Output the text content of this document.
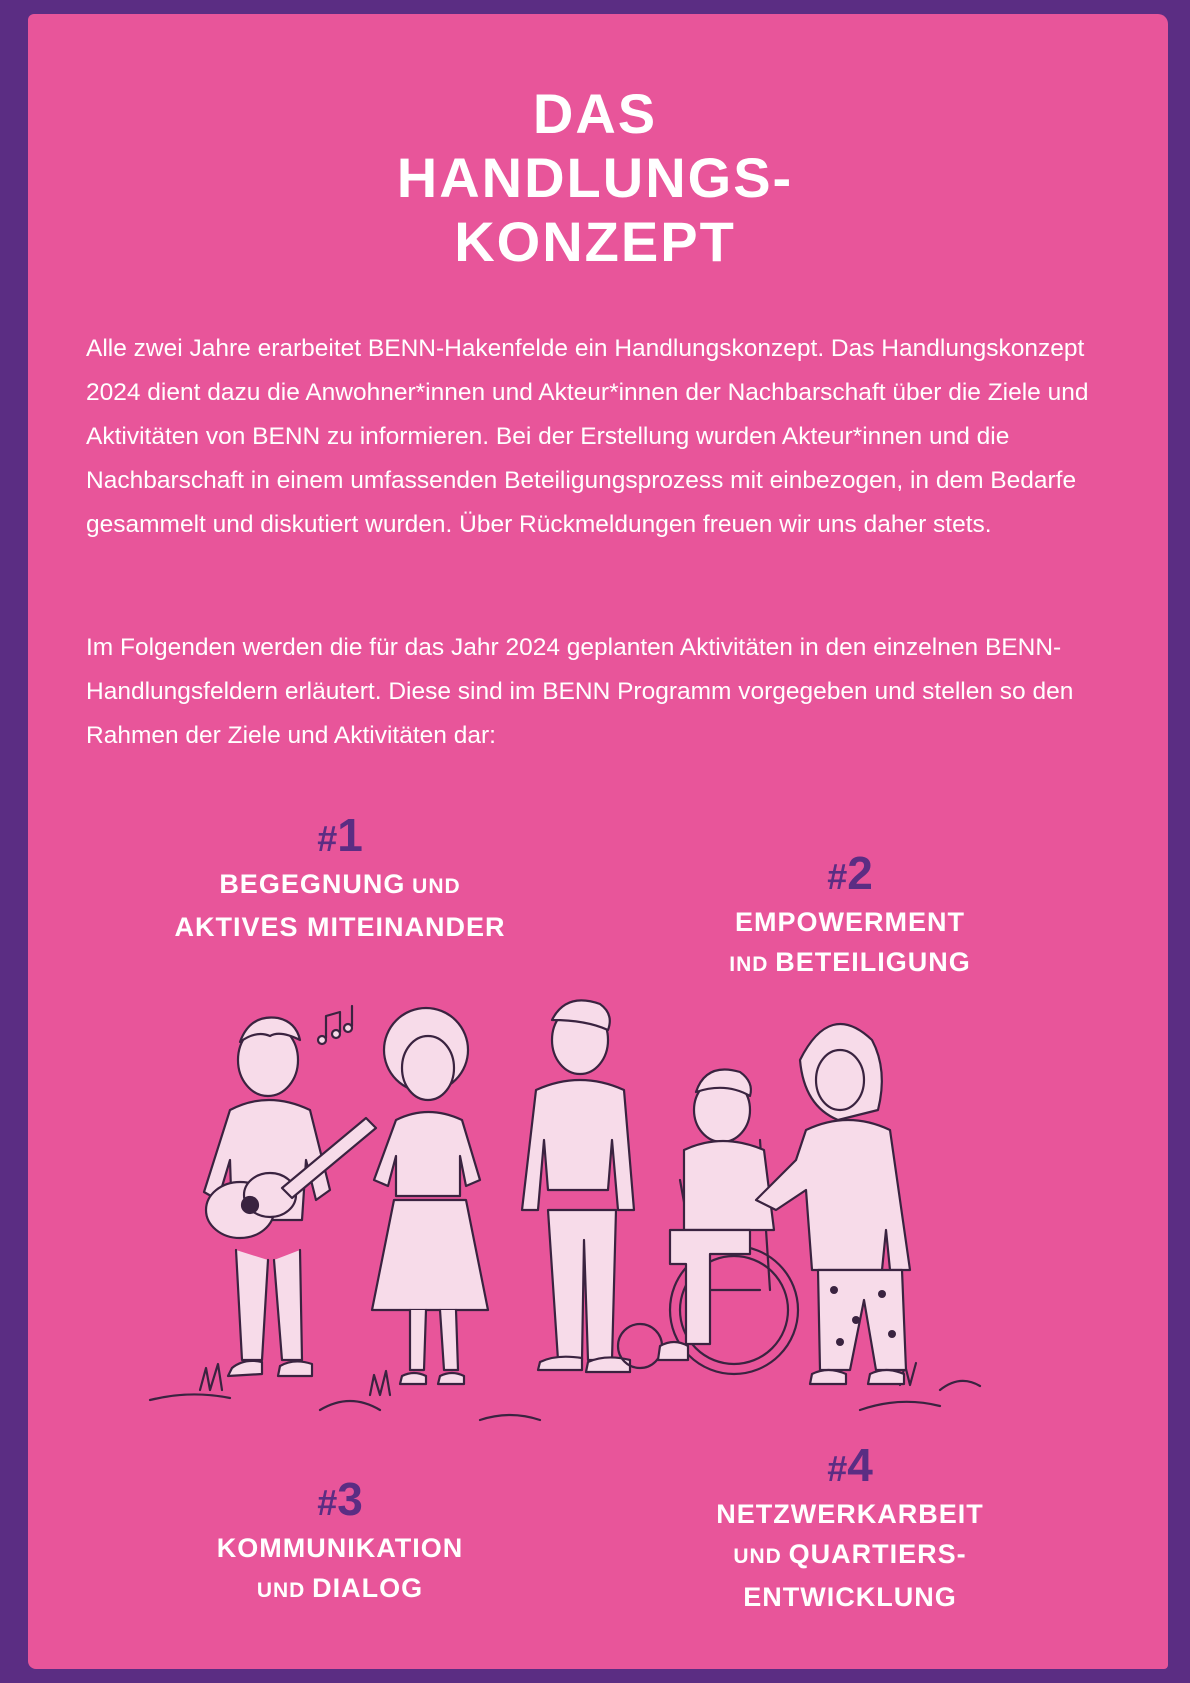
DAS
HANDLUNGS-
KONZEPT

Alle zwei Jahre erarbeitet BENN-Hakenfelde ein Handlungskonzept. Das Handlungskonzept 2024 dient dazu die Anwohner*innen und Akteur*innen der Nachbarschaft über die Ziele und Aktivitäten von BENN zu informieren. Bei der Erstellung wurden Akteur*innen und die Nachbarschaft in einem umfassenden Beteiligungsprozess mit einbezogen, in dem Bedarfe gesammelt und diskutiert wurden. Über Rückmeldungen freuen wir uns daher stets.

Im Folgenden werden die für das Jahr 2024 geplanten Aktivitäten in den einzelnen BENN-Handlungsfeldern erläutert. Diese sind im BENN Programm vorgegeben und stellen so den Rahmen der Ziele und Aktivitäten dar:

#1
BEGEGNUNG UND
AKTIVES MITEINANDER
#2
EMPOWERMENT
IND BETEILIGUNG
#3
KOMMUNIKATION
UND DIALOG
#4
NETZWERKARBEIT
UND QUARTIERS-
ENTWICKLUNG
